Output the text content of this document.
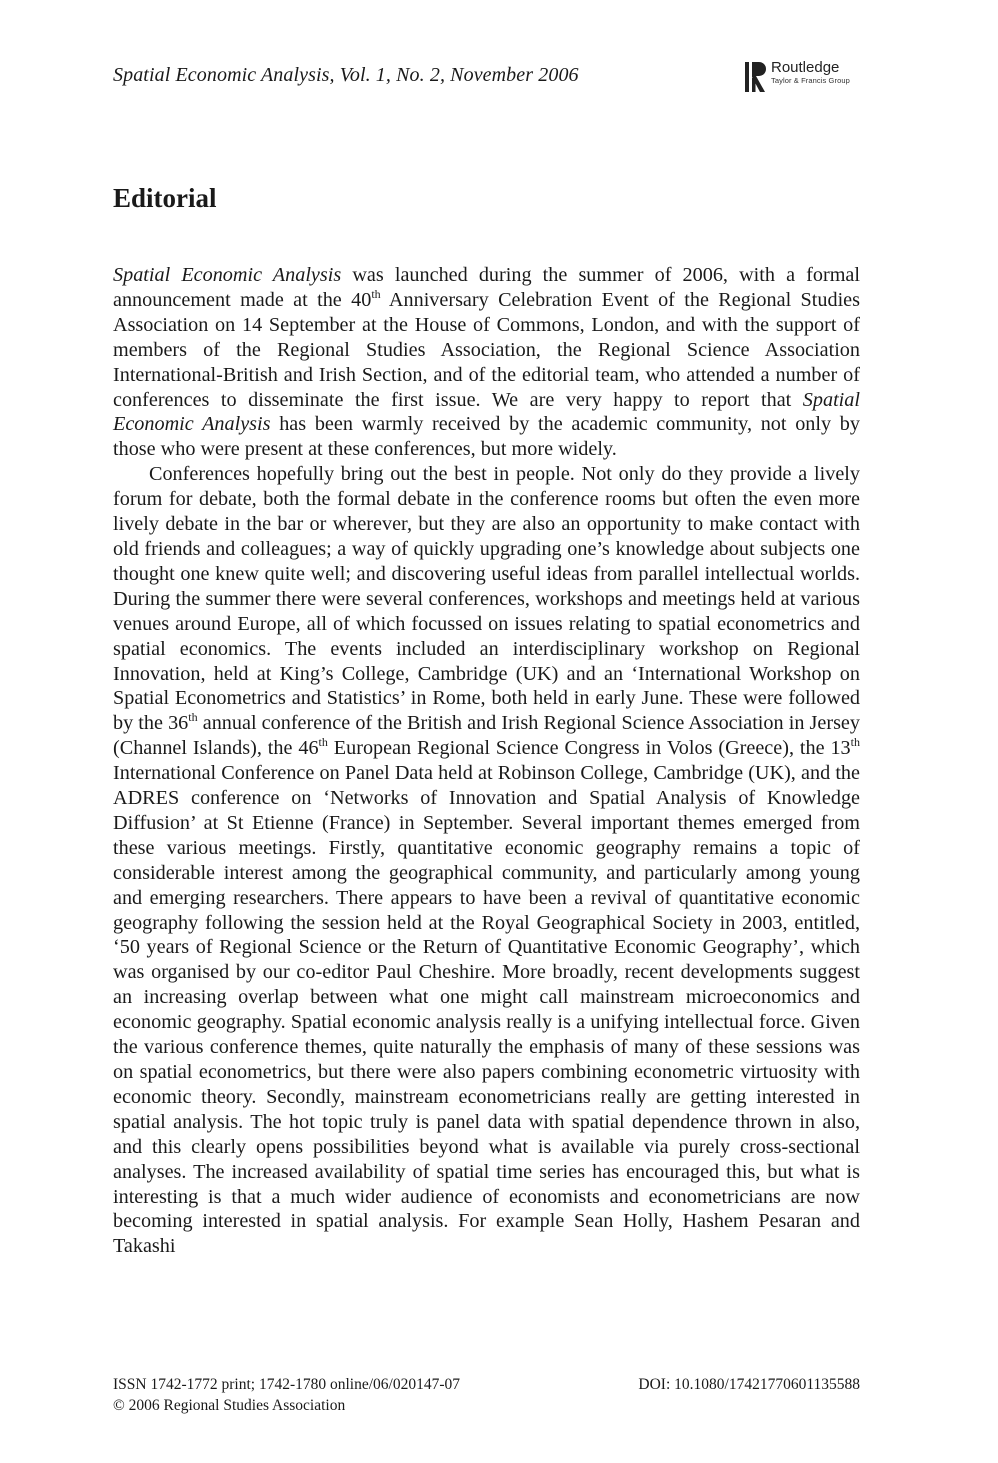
Spatial Economic Analysis, Vol. 1, No. 2, November 2006	Routledge
Taylor & Francis Group
Editorial

Spatial Economic Analysis was launched during the summer of 2006, with a formal announcement made at the 40th Anniversary Celebration Event of the Regional Studies Association on 14 September at the House of Commons, London, and with the support of members of the Regional Studies Association, the Regional Science Association International-British and Irish Section, and of the editorial team, who attended a number of conferences to disseminate the first issue. We are very happy to report that Spatial Economic Analysis has been warmly received by the academic community, not only by those who were present at these conferences, but more widely.

Conferences hopefully bring out the best in people. Not only do they provide a lively forum for debate, both the formal debate in the conference rooms but often the even more lively debate in the bar or wherever, but they are also an opportunity to make contact with old friends and colleagues; a way of quickly upgrading one’s knowledge about subjects one thought one knew quite well; and discovering useful ideas from parallel intellectual worlds. During the summer there were several conferences, workshops and meetings held at various venues around Europe, all of which focussed on issues relating to spatial econometrics and spatial economics. The events included an interdisciplinary workshop on Regional Innovation, held at King’s College, Cambridge (UK) and an ‘International Workshop on Spatial Econometrics and Statistics’ in Rome, both held in early June. These were followed by the 36th annual conference of the British and Irish Regional Science Association in Jersey (Channel Islands), the 46th European Regional Science Congress in Volos (Greece), the 13th International Conference on Panel Data held at Robinson College, Cambridge (UK), and the ADRES conference on ‘Networks of Innovation and Spatial Analysis of Knowledge Diffusion’ at St Etienne (France) in September. Several important themes emerged from these various meetings. Firstly, quantitative economic geography remains a topic of considerable interest among the geographical community, and particularly among young and emerging researchers. There appears to have been a revival of quantitative economic geography following the session held at the Royal Geographical Society in 2003, entitled, ‘50 years of Regional Science or the Return of Quantitative Economic Geography’, which was organised by our co-editor Paul Cheshire. More broadly, recent developments suggest an increasing overlap between what one might call mainstream microeconomics and economic geography. Spatial economic analysis really is a unifying intellectual force. Given the various conference themes, quite naturally the emphasis of many of these sessions was on spatial econometrics, but there were also papers combining econometric virtuosity with economic theory. Secondly, mainstream econometricians really are getting interested in spatial analysis. The hot topic truly is panel data with spatial dependence thrown in also, and this clearly opens possibilities beyond what is available via purely cross-sectional analyses. The increased availability of spatial time series has encouraged this, but what is interesting is that a much wider audience of economists and econometricians are now becoming interested in spatial analysis. For example Sean Holly, Hashem Pesaran and Takashi

ISSN 1742-1772 print; 1742-1780 online/06/020147-07	DOI: 10.1080/17421770601135588
© 2006 Regional Studies Association
